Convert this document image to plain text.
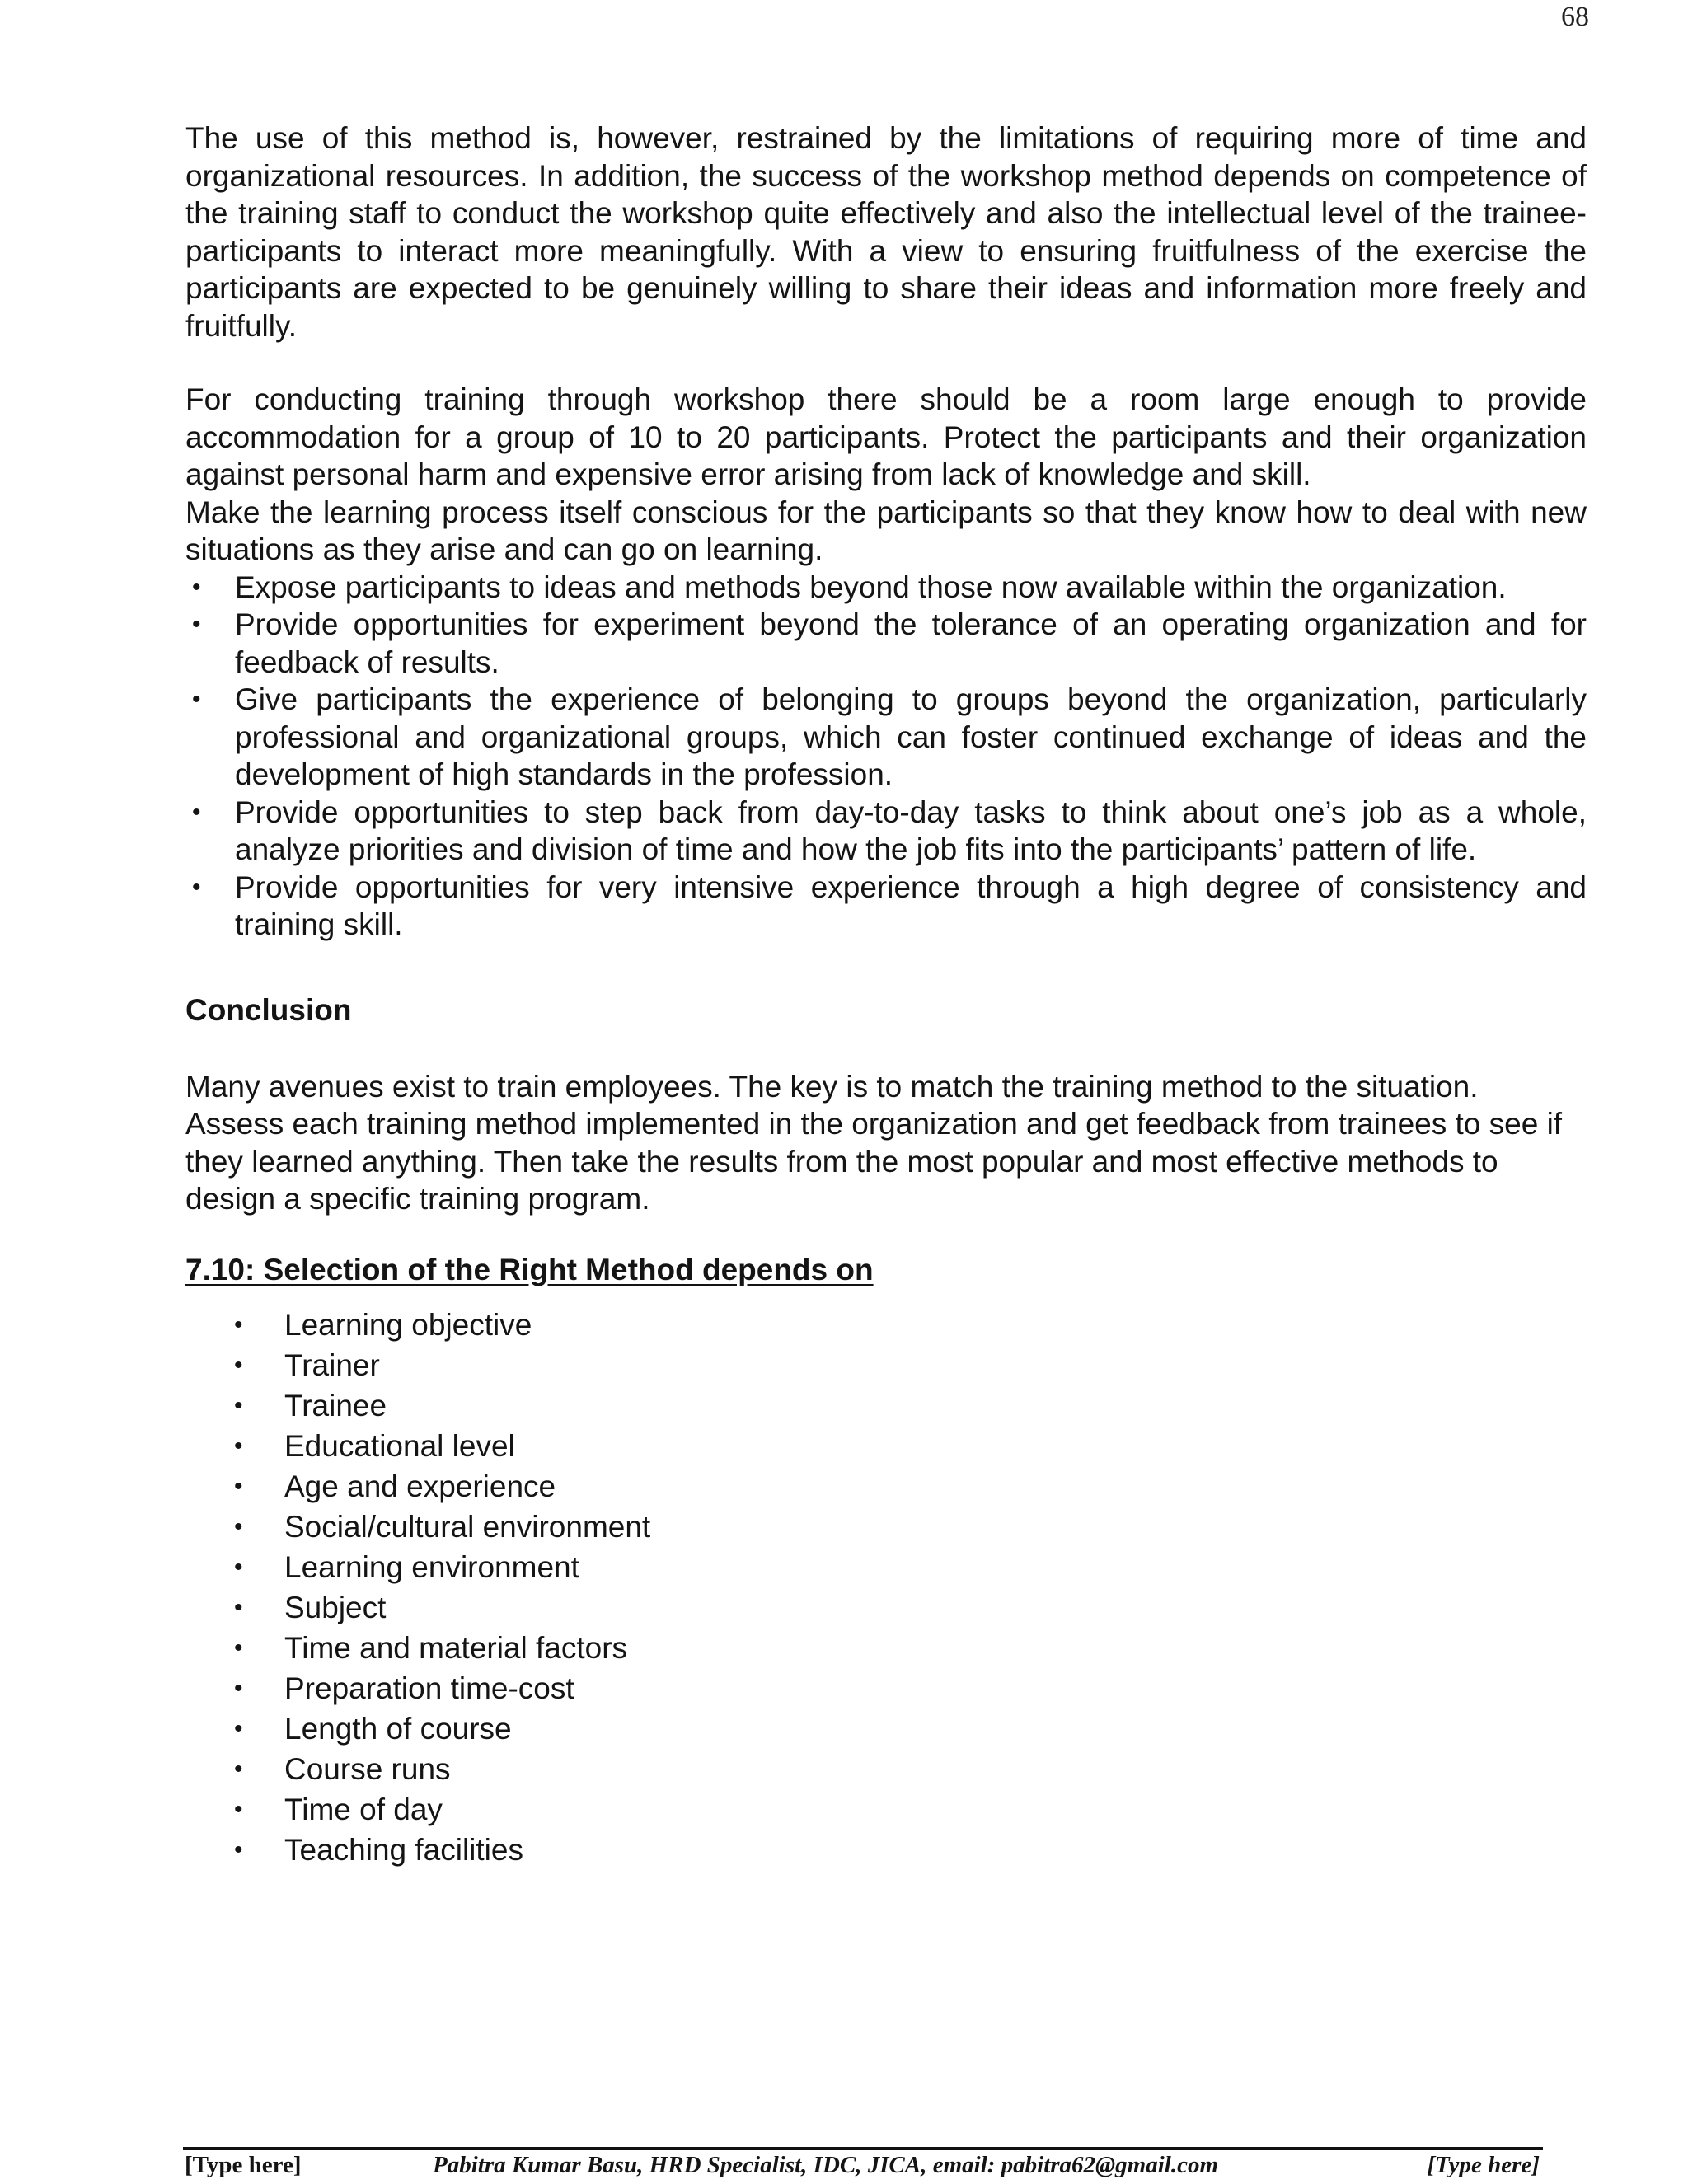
68

The use of this method is, however, restrained by the limitations of requiring more of time and organizational resources. In addition, the success of the workshop method depends on competence of the training staff to conduct the workshop quite effectively and also the intellectual level of the trainee-participants to interact more meaningfully. With a view to ensuring fruitfulness of the exercise the participants are expected to be genuinely willing to share their ideas and information more freely and fruitfully.

For conducting training through workshop there should be a room large enough to provide accommodation for a group of 10 to 20 participants. Protect the participants and their organization against personal harm and expensive error arising from lack of knowledge and skill.

Make the learning process itself conscious for the participants so that they know how to deal with new situations as they arise and can go on learning.

• Expose participants to ideas and methods beyond those now available within the organization.
• Provide opportunities for experiment beyond the tolerance of an operating organization and for feedback of results.
• Give participants the experience of belonging to groups beyond the organization, particularly professional and organizational groups, which can foster continued exchange of ideas and the development of high standards in the profession.
• Provide opportunities to step back from day-to-day tasks to think about one’s job as a whole, analyze priorities and division of time and how the job fits into the participants’ pattern of life.
• Provide opportunities for very intensive experience through a high degree of consistency and training skill.
Conclusion

Many avenues exist to train employees. The key is to match the training method to the situation. Assess each training method implemented in the organization and get feedback from trainees to see if they learned anything. Then take the results from the most popular and most effective methods to design a specific training program.

7.10: Selection of the Right Method depends on
• Learning objective
• Trainer
• Trainee
• Educational level
• Age and experience
• Social/cultural environment
• Learning environment
• Subject
• Time and material factors
• Preparation time-cost
• Length of course
• Course runs
• Time of day
• Teaching facilities
[Type here]	Pabitra Kumar Basu, HRD Specialist, IDC, JICA, email: pabitra62@gmail.com	[Type here]
